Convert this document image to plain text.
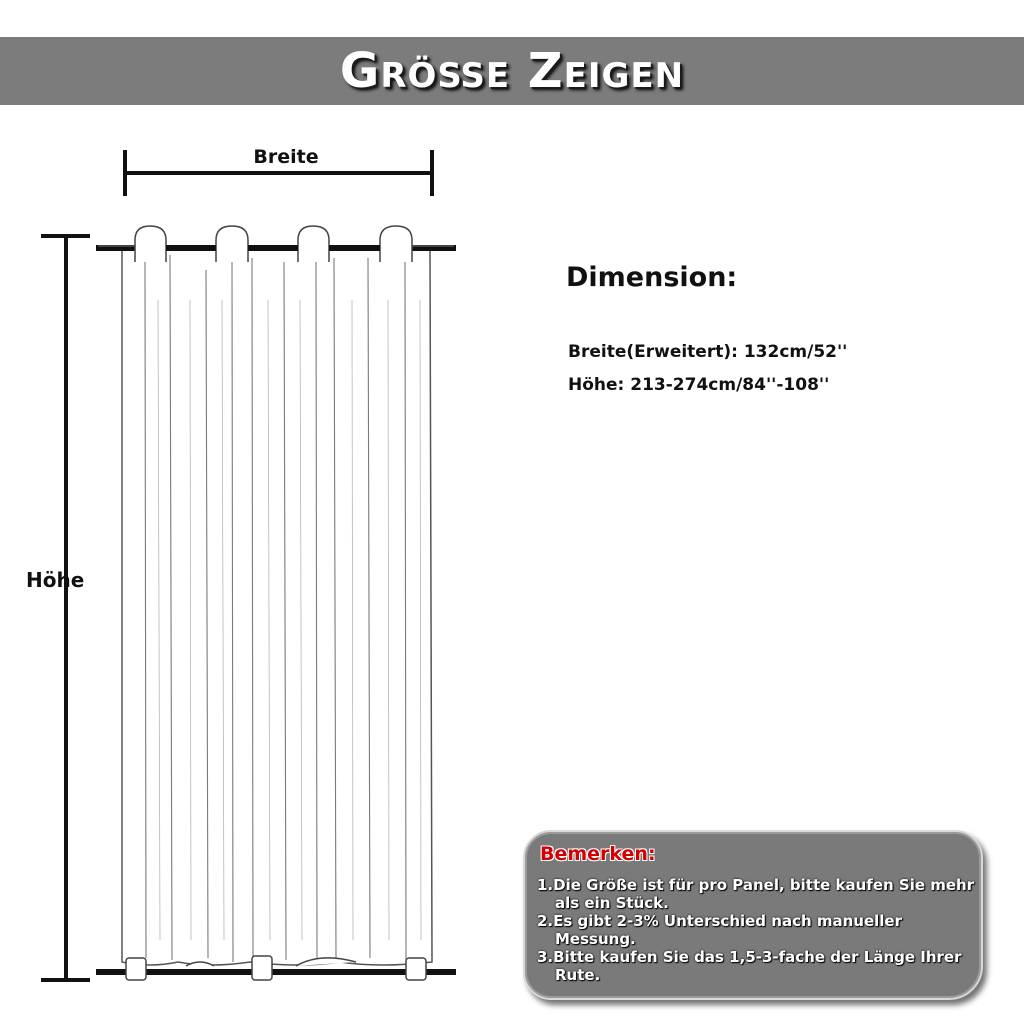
Größe Zeigen
Breite
Höhe
Dimension:
Breite(Erweitert): 132cm/52''
Höhe: 213-274cm/84''-108''
Bemerken:
1.Die Größe ist für pro Panel, bitte kaufen Sie mehr
als ein Stück.
2.Es gibt 2-3% Unterschied nach manueller
Messung.
3.Bitte kaufen Sie das 1,5-3-fache der Länge Ihrer
Rute.
